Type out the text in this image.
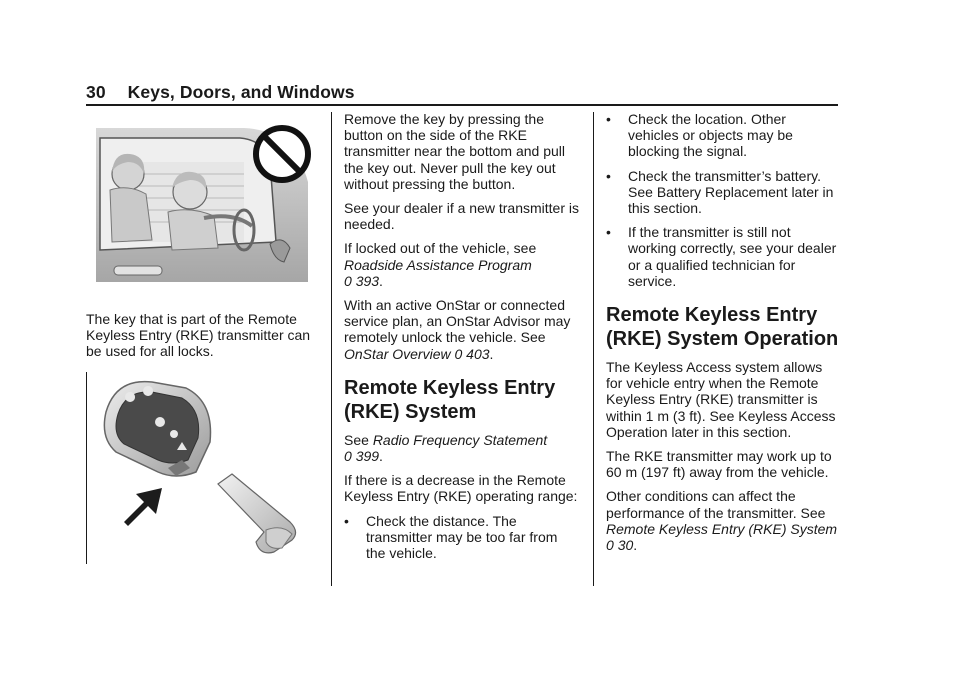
30 Keys, Doors, and Windows

The key that is part of the Remote Keyless Entry (RKE) transmitter can be used for all locks.

Remove the key by pressing the button on the side of the RKE transmitter near the bottom and pull the key out. Never pull the key out without pressing the button.

See your dealer if a new transmitter is needed.

If locked out of the vehicle, see Roadside Assistance Program
0 393.

With an active OnStar or connected service plan, an OnStar Advisor may remotely unlock the vehicle. See OnStar Overview 0 403.

Remote Keyless Entry (RKE) System

See Radio Frequency Statement
0 399.

If there is a decrease in the Remote Keyless Entry (RKE) operating range:

• Check the distance. The transmitter may be too far from the vehicle.
• Check the location. Other vehicles or objects may be blocking the signal.
• Check the transmitter’s battery. See Battery Replacement later in this section.
• If the transmitter is still not working correctly, see your dealer or a qualified technician for service.
Remote Keyless Entry (RKE) System Operation

The Keyless Access system allows for vehicle entry when the Remote Keyless Entry (RKE) transmitter is within 1 m (3 ft). See Keyless Access Operation later in this section.

The RKE transmitter may work up to 60 m (197 ft) away from the vehicle.

Other conditions can affect the performance of the transmitter. See Remote Keyless Entry (RKE) System 0 30.
